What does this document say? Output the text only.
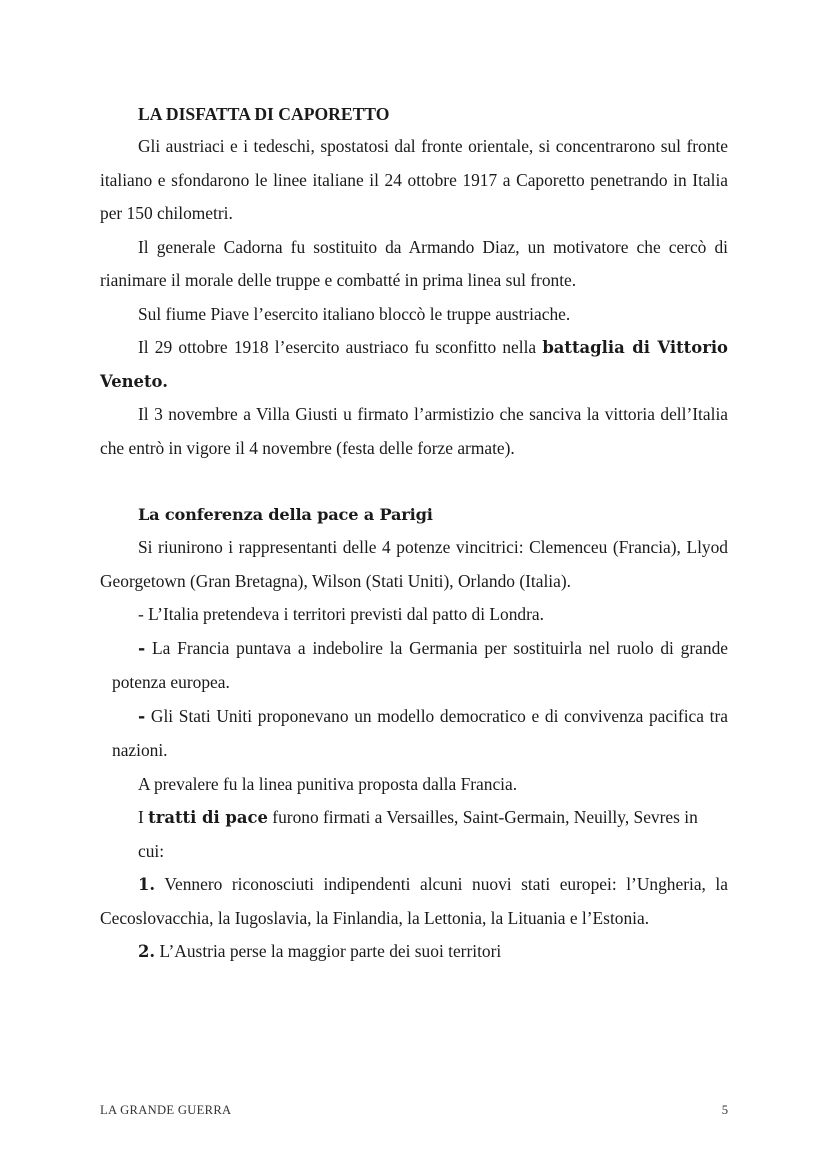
LA DISFATTA DI CAPORETTO

Gli austriaci e i tedeschi, spostatosi dal fronte orientale, si concentrarono sul fronte italiano e sfondarono le linee italiane il 24 ottobre 1917 a Caporetto penetrando in Italia per 150 chilometri.

Il generale Cadorna fu sostituito da Armando Diaz, un motivatore che cercò di rianimare il morale delle truppe e combatté in prima linea sul fronte.

Sul fiume Piave l’esercito italiano bloccò le truppe austriache.

Il 29 ottobre 1918 l’esercito austriaco fu sconfitto nella battaglia di Vittorio Veneto.

Il 3 novembre a Villa Giusti u firmato l’armistizio che sanciva la vittoria dell’Italia che entrò in vigore il 4 novembre (festa delle forze armate).

La conferenza della pace a Parigi

Si riunirono i rappresentanti delle 4 potenze vincitrici: Clemenceu (Francia), Llyod Georgetown (Gran Bretagna), Wilson (Stati Uniti), Orlando (Italia).

- L’Italia pretendeva i territori previsti dal patto di Londra.

- La Francia puntava a indebolire la Germania per sostituirla nel ruolo di grande potenza europea.

- Gli Stati Uniti proponevano un modello democratico e di convivenza pacifica tra nazioni.

A prevalere fu la linea punitiva proposta dalla Francia.

I tratti di pace furono firmati a Versailles, Saint-Germain, Neuilly, Sevres in cui:

1. Vennero riconosciuti indipendenti alcuni nuovi stati europei: l’Ungheria, la Cecoslovacchia, la Iugoslavia, la Finlandia, la Lettonia, la Lituania e l’Estonia.

2. L’Austria perse la maggior parte dei suoi territori

LA GRANDE GUERRA	5
